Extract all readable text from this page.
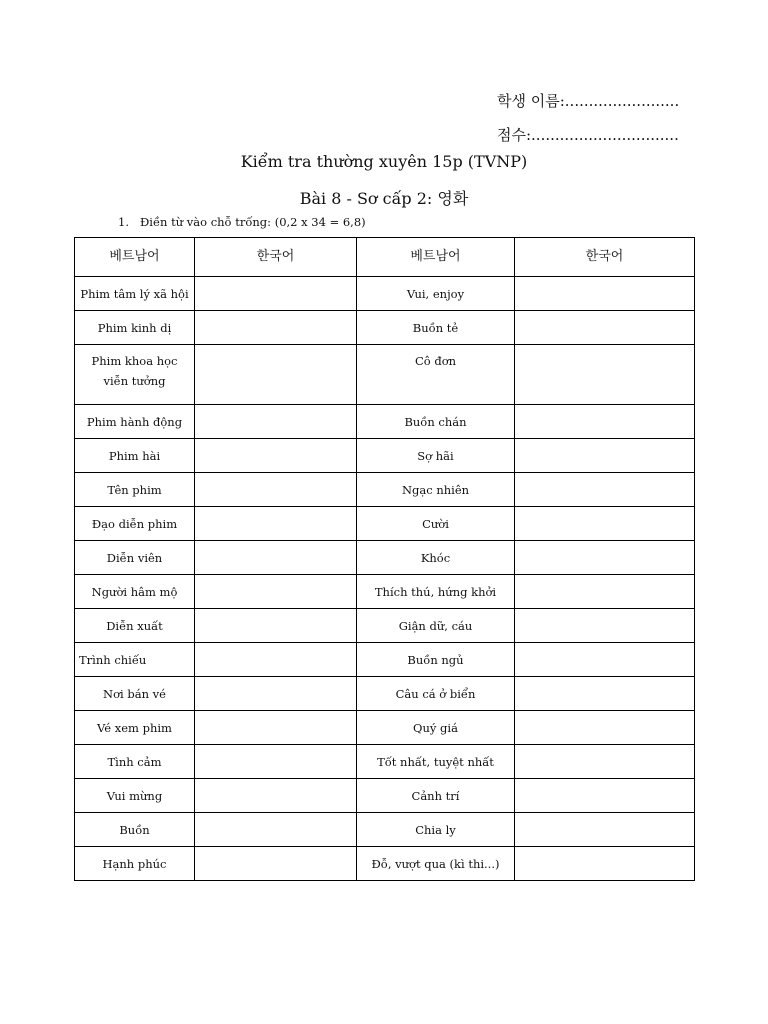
학생 이름:........................
점수:...............................
Kiểm tra thường xuyên 15p (TVNP)
Bài 8 - Sơ cấp 2: 영화
1. Điền từ vào chỗ trống: (0,2 x 34 = 6,8)
베트남어	한국어	베트남어	한국어
Phim tâm lý xã hội		Vui, enjoy	
Phim kinh dị		Buồn tẻ	
Phim khoa học viễn tưởng		Cô đơn	
Phim hành động		Buồn chán	
Phim hài		Sợ hãi	
Tên phim		Ngạc nhiên	
Đạo diễn phim		Cười	
Diễn viên		Khóc	
Người hâm mộ		Thích thú, hứng khởi	
Diễn xuất		Giận dữ, cáu	
Trình chiếu		Buồn ngủ	
Nơi bán vé		Câu cá ở biển	
Vé xem phim		Quý giá	
Tình cảm		Tốt nhất, tuyệt nhất	
Vui mừng		Cảnh trí	
Buồn		Chia ly	
Hạnh phúc		Đỗ, vượt qua (kì thi...)	
